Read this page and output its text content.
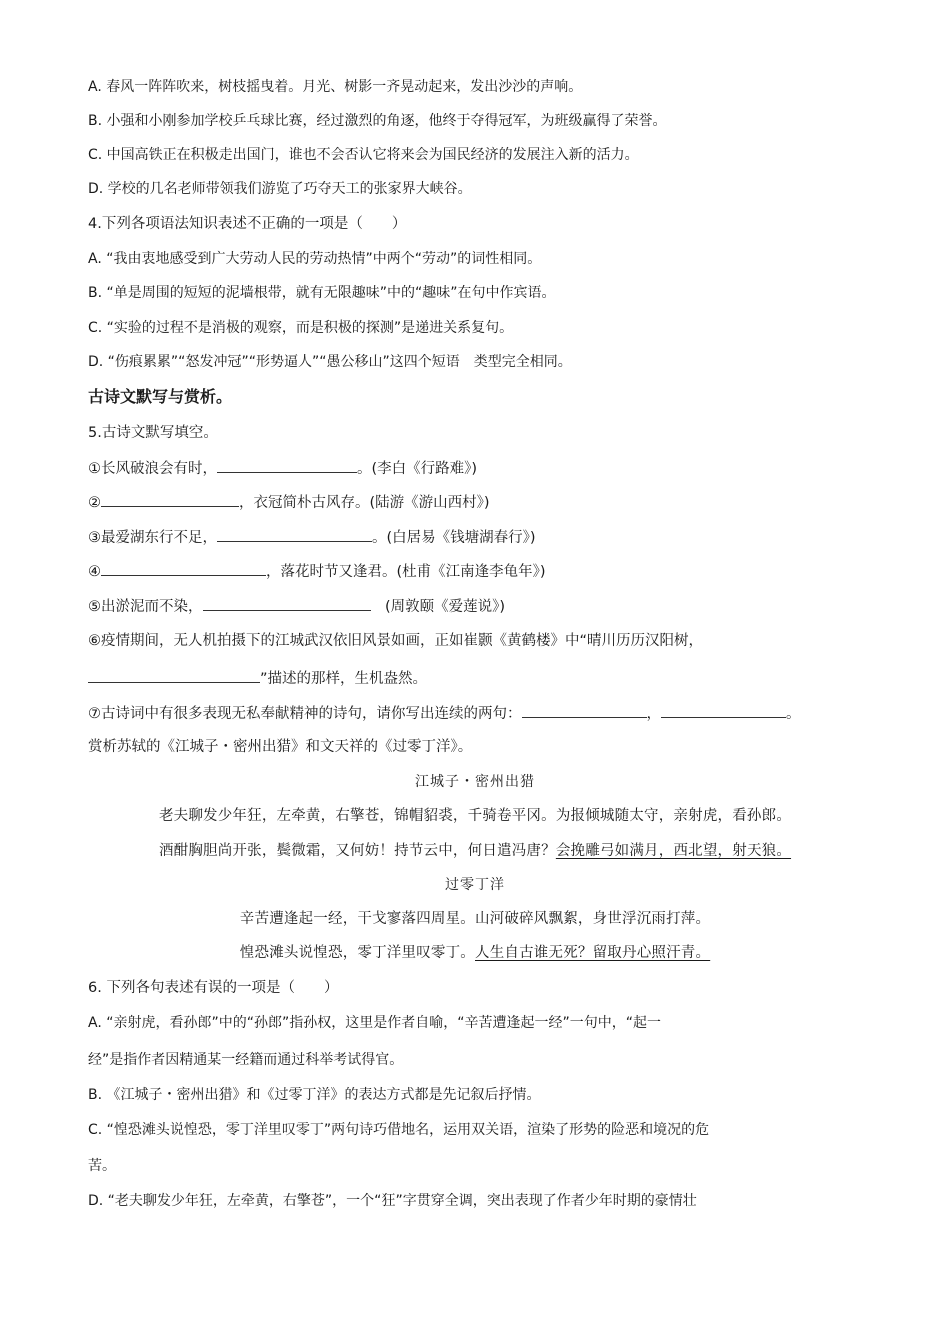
A. 春风一阵阵吹来，树枝摇曳着。月光、树影一齐晃动起来，发出沙沙的声响。
B. 小强和小刚参加学校乒乓球比赛，经过激烈的角逐，他终于夺得冠军，为班级赢得了荣誉。
C. 中国高铁正在积极走出国门，谁也不会否认它将来会为国民经济的发展注入新的活力。
D. 学校的几名老师带领我们游览了巧夺天工的张家界大峡谷。
4.下列各项语法知识表述不正确的一项是（　　）
A. “我由衷地感受到广大劳动人民的劳动热情”中两个“劳动”的词性相同。
B. “单是周围的短短的泥墙根带，就有无限趣味”中的“趣味”在句中作宾语。
C. “实验的过程不是消极的观察，而是积极的探测”是递进关系复句。
D. “伤痕累累”“怒发冲冠”“形势逼人”“愚公移山”这四个短语　类型完全相同。
古诗文默写与赏析。
5.古诗文默写填空。
①长风破浪会有时，	。(李白《行路难》)
②	，衣冠简朴古风存。(陆游《游山西村》)
③最爱湖东行不足，	。(白居易《钱塘湖春行》)
④	，落花时节又逢君。(杜甫《江南逢李龟年》)
⑤出淤泥而不染，	　(周敦颐《爱莲说》)
⑥疫情期间，无人机拍摄下的江城武汉依旧风景如画，正如崔颢《黄鹤楼》中“晴川历历汉阳树，
”描述的那样，生机盎然。
⑦古诗词中有很多表现无私奉献精神的诗句，请你写出连续的两句：	，	。
赏析苏轼的《江城子・密州出猎》和文天祥的《过零丁洋》。
江城子・密州出猎
老夫聊发少年狂，左牵黄，右擎苍，锦帽貂裘，千骑卷平冈。为报倾城随太守，亲射虎，看孙郎。
酒酣胸胆尚开张，鬓微霜，又何妨！持节云中，何日遣冯唐？会挽雕弓如满月，西北望，射天狼。
过零丁洋
辛苦遭逢起一经，干戈寥落四周星。山河破碎风飘絮，身世浮沉雨打萍。
惶恐滩头说惶恐，零丁洋里叹零丁。人生自古谁无死？留取丹心照汗青。
6. 下列各句表述有误的一项是（　　）
A. “亲射虎，看孙郎”中的“孙郎”指孙权，这里是作者自喻，“辛苦遭逢起一经”一句中，“起一
经”是指作者因精通某一经籍而通过科举考试得官。
B. 《江城子・密州出猎》和《过零丁洋》的表达方式都是先记叙后抒情。
C. “惶恐滩头说惶恐，零丁洋里叹零丁”两句诗巧借地名，运用双关语，渲染了形势的险恶和境况的危
苦。
D. “老夫聊发少年狂，左牵黄，右擎苍”，一个“狂”字贯穿全调，突出表现了作者少年时期的豪情壮
